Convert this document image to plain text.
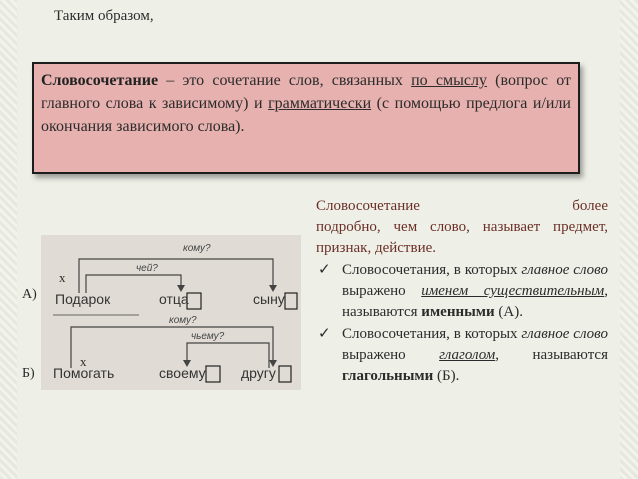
Таким образом,
Словосочетание – это сочетание слов, связанных по смыслу (вопрос от главного слова к зависимому) и грамматически (с помощью предлога и/или окончания зависимого слова).
чей?
кому?
Подарок	отца	сыну
кому?
чьему?
Помогать	своему	другу
x
x
А)
Б)
Словосочетание	более
подробно, чем слово, называет предмет, признак, действие.
✓ Словосочетания, в которых главное слово выражено именем существительным, называются именными (А).
✓ Словосочетания, в которых главное слово выражено глаголом, называются глагольными (Б).
